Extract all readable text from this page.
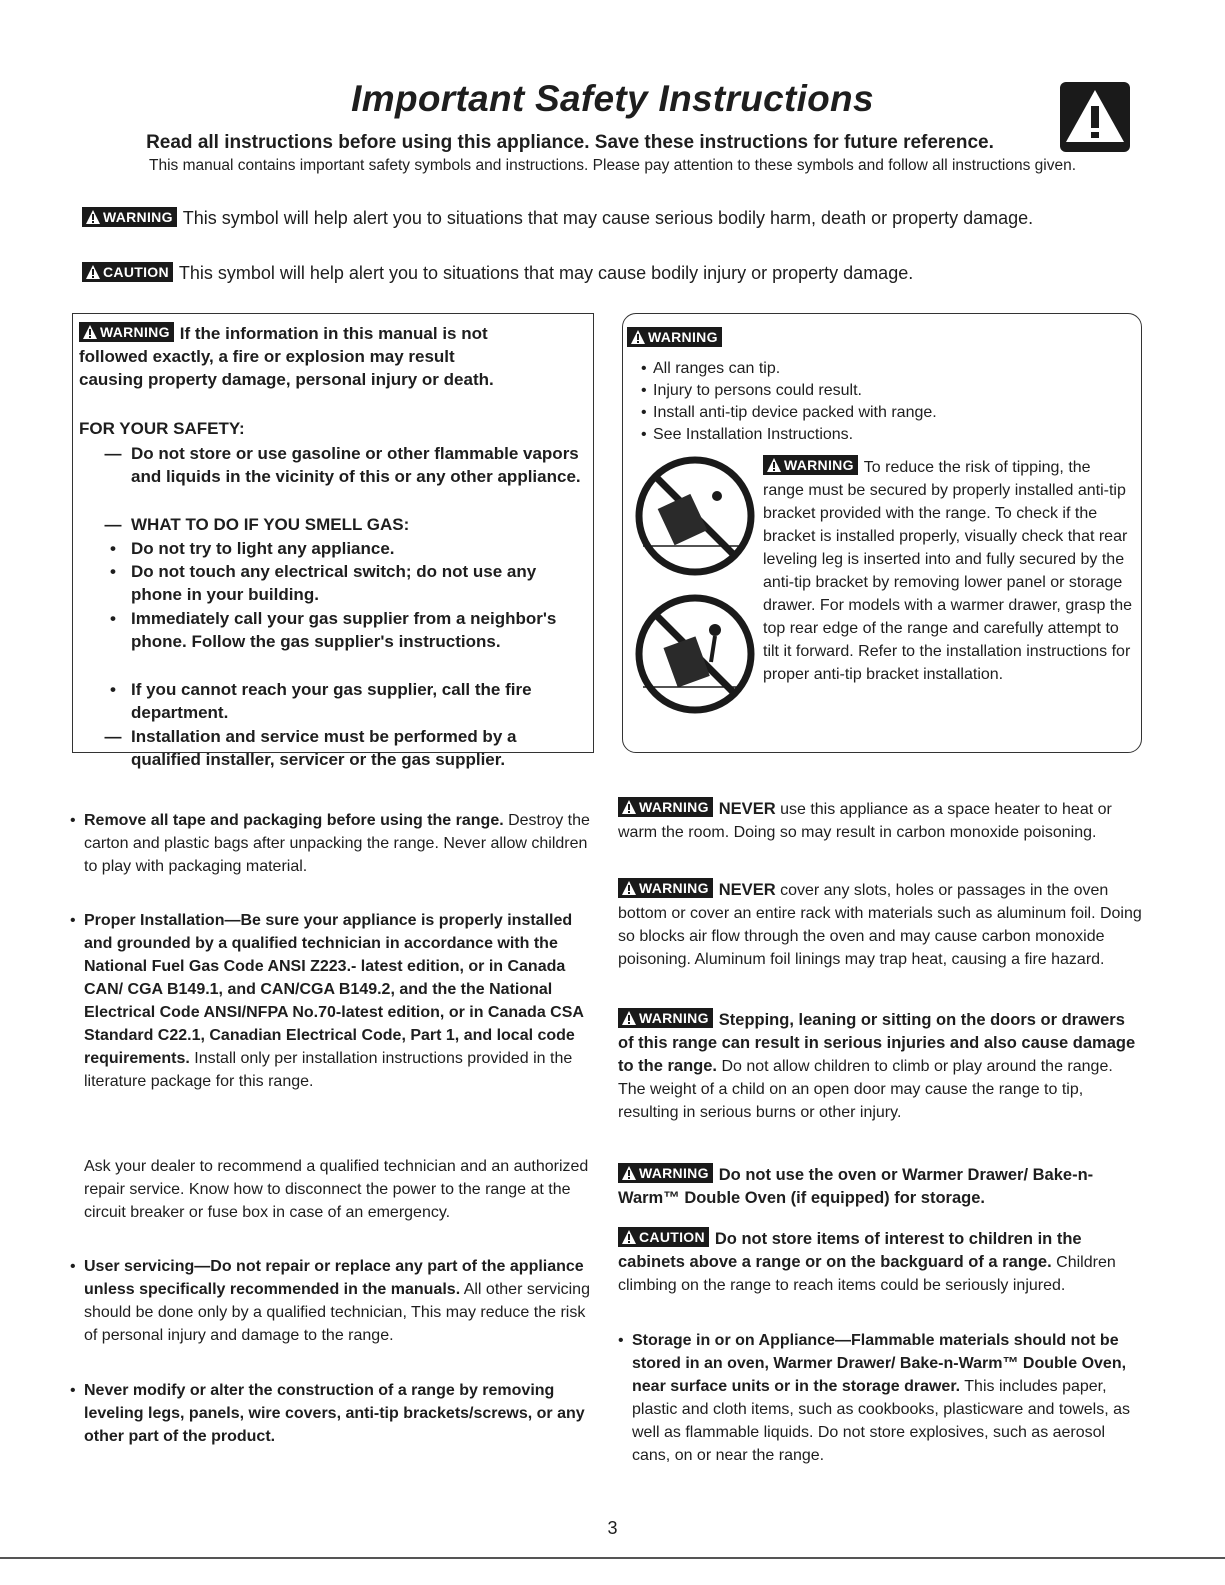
Important Safety Instructions
Read all instructions before using this appliance. Save these instructions for future reference.
This manual contains important safety symbols and instructions. Please pay attention to these symbols and follow all instructions given.
WARNING This symbol will help alert you to situations that may cause serious bodily harm, death or property damage.
CAUTION This symbol will help alert you to situations that may cause bodily injury or property damage.
WARNING If the information in this manual is not
followed exactly, a fire or explosion may result
causing property damage, personal injury or death.
FOR YOUR SAFETY:
— Do not store or use gasoline or other flammable vapors and liquids in the vicinity of this or any other appliance.
— WHAT TO DO IF YOU SMELL GAS:
• Do not try to light any appliance.
• Do not touch any electrical switch; do not use any phone in your building.
• Immediately call your gas supplier from a neighbor's phone. Follow the gas supplier's instructions.
• If you cannot reach your gas supplier, call the fire department.
— Installation and service must be performed by a qualified installer, servicer or the gas supplier.
WARNING
• All ranges can tip.
• Injury to persons could result.
• Install anti-tip device packed with range.
• See Installation Instructions.
WARNING To reduce the risk of tipping, the range must be secured by properly installed anti-tip bracket provided with the range. To check if the bracket is installed properly, visually check that rear leveling leg is inserted into and fully secured by the anti-tip bracket by removing lower panel or storage drawer. For models with a warmer drawer, grasp the top rear edge of the range and carefully attempt to tilt it forward. Refer to the installation instructions for proper anti-tip bracket installation.
• Remove all tape and packaging before using the range. Destroy the carton and plastic bags after unpacking the range. Never allow children to play with packaging material.
• Proper Installation—Be sure your appliance is properly installed and grounded by a qualified technician in accordance with the National Fuel Gas Code ANSI Z223.- latest edition, or in Canada CAN/ CGA B149.1, and CAN/CGA B149.2, and the the National Electrical Code ANSI/NFPA No.70-latest edition, or in Canada CSA Standard C22.1, Canadian Electrical Code, Part 1, and local code requirements. Install only per installation instructions provided in the literature package for this range.
Ask your dealer to recommend a qualified technician and an authorized repair service. Know how to disconnect the power to the range at the circuit breaker or fuse box in case of an emergency.
• User servicing—Do not repair or replace any part of the appliance unless specifically recommended in the manuals. All other servicing should be done only by a qualified technician, This may reduce the risk of personal injury and damage to the range.
• Never modify or alter the construction of a range by removing leveling legs, panels, wire covers, anti-tip brackets/screws, or any other part of the product.
WARNING NEVER use this appliance as a space heater to heat or warm the room. Doing so may result in carbon monoxide poisoning.
WARNING NEVER cover any slots, holes or passages in the oven bottom or cover an entire rack with materials such as aluminum foil. Doing so blocks air flow through the oven and may cause carbon monoxide poisoning. Aluminum foil linings may trap heat, causing a fire hazard.
WARNING Stepping, leaning or sitting on the doors or drawers of this range can result in serious injuries and also cause damage to the range. Do not allow children to climb or play around the range. The weight of a child on an open door may cause the range to tip, resulting in serious burns or other injury.
WARNING Do not use the oven or Warmer Drawer/ Bake-n-Warm™ Double Oven (if equipped) for storage.
CAUTION Do not store items of interest to children in the cabinets above a range or on the backguard of a range. Children climbing on the range to reach items could be seriously injured.
• Storage in or on Appliance—Flammable materials should not be stored in an oven, Warmer Drawer/ Bake-n-Warm™ Double Oven, near surface units or in the storage drawer. This includes paper, plastic and cloth items, such as cookbooks, plasticware and towels, as well as flammable liquids. Do not store explosives, such as aerosol cans, on or near the range.
3
